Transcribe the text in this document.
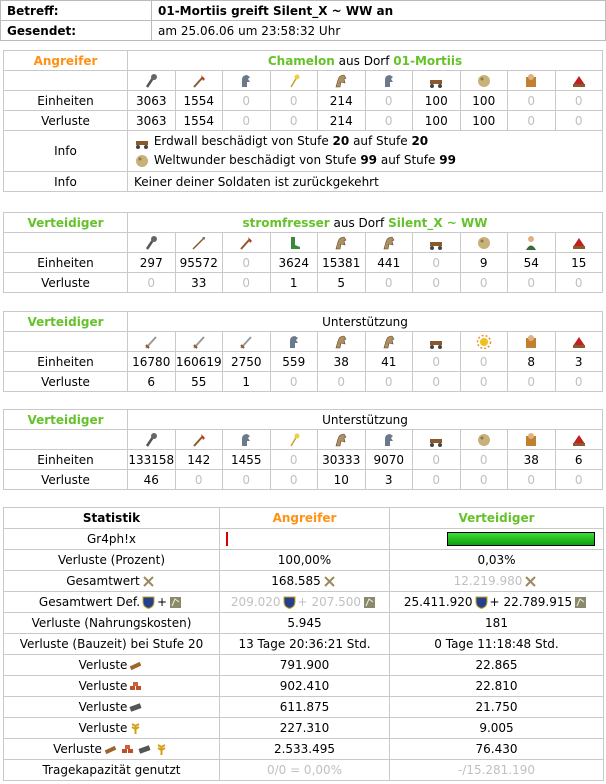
Betreff:	01-Mortiis greift Silent_X ~ WW an
Gesendet:	am 25.06.06 um 23:58:32 Uhr
Angreifer	Chamelon aus Dorf 01-Mortiis									

Einheiten	3063	1554	0	0	214	0	100	100	0	0
Verluste	3063	1554	0	0	214	0	100	100	0	0
Info	Erdwall beschädigt von Stufe 20 auf Stufe 20

Weltwunder beschädigt von Stufe 99 auf Stufe 99									
Info	Keiner deiner Soldaten ist zurückgekehrt									
Verteidiger	stromfresser aus Dorf Silent_X ~ WW									

Einheiten	297	95572	0	3624	15381	441	0	9	54	15
Verluste	0	33	0	1	5	0	0	0	0	0
Verteidiger	Unterstützung									

Einheiten	16780	160619	2750	559	38	41	0	0	8	3
Verluste	6	55	1	0	0	0	0	0	0	0
Verteidiger	Unterstützung									

Einheiten	133158	142	1455	0	30333	9070	0	0	38	6
Verluste	46	0	0	0	10	3	0	0	0	0
Statistik	Angreifer	Verteidiger
Gr4ph!x		
Verluste (Prozent)	100,00%	0,03%
Gesamtwert	168.585	12.219.980
Gesamtwert Def. +	209.020 + 207.500	25.411.920 + 22.789.915
Verluste (Nahrungskosten)	5.945	181
Verluste (Bauzeit) bei Stufe 20	13 Tage 20:36:21 Std.	0 Tage 11:18:48 Std.
Verluste	791.900	22.865
Verluste	902.410	22.810
Verluste	611.875	21.750
Verluste	227.310	9.005
Verluste	2.533.495	76.430
Tragekapazität genutzt	0/0 = 0,00%	-/15.281.190
